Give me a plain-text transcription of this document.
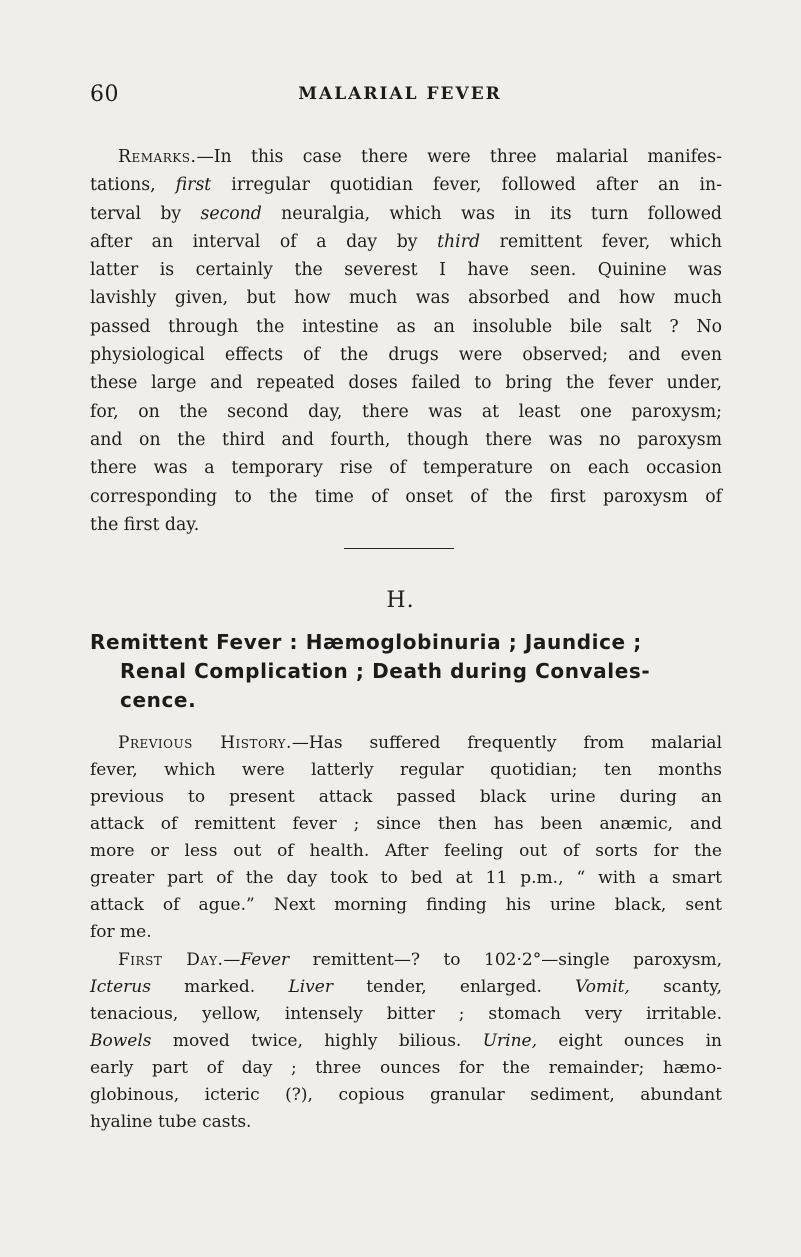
60	MALARIAL FEVER

Remarks.—In this case there were three malarial manifes-
tations, first irregular quotidian fever, followed after an in-
terval by second neuralgia, which was in its turn followed
after an interval of a day by third remittent fever, which
latter is certainly the severest I have seen. Quinine was
lavishly given, but how much was absorbed and how much
passed through the intestine as an insoluble bile salt ? No
physiological effects of the drugs were observed; and even
these large and repeated doses failed to bring the fever under,
for, on the second day, there was at least one paroxysm;
and on the third and fourth, though there was no paroxysm
there was a temporary rise of temperature on each occasion
corresponding to the time of onset of the first paroxysm of
the first day.

H.
Remittent Fever : Hæmoglobinuria ; Jaundice ;
Renal Complication ; Death during Convales-
cence.

Previous History.—Has suffered frequently from malarial
fever, which were latterly regular quotidian; ten months
previous to present attack passed black urine during an
attack of remittent fever ; since then has been anæmic, and
more or less out of health. After feeling out of sorts for the
greater part of the day took to bed at 11 p.m., “ with a smart
attack of ague.” Next morning finding his urine black, sent
for me.

First Day.—Fever remittent—? to 102·2°—single paroxysm,
Icterus marked. Liver tender, enlarged. Vomit, scanty,
tenacious, yellow, intensely bitter ; stomach very irritable.
Bowels moved twice, highly bilious. Urine, eight ounces in
early part of day ; three ounces for the remainder; hæmo-
globinous, icteric (?), copious granular sediment, abundant
hyaline tube casts.
